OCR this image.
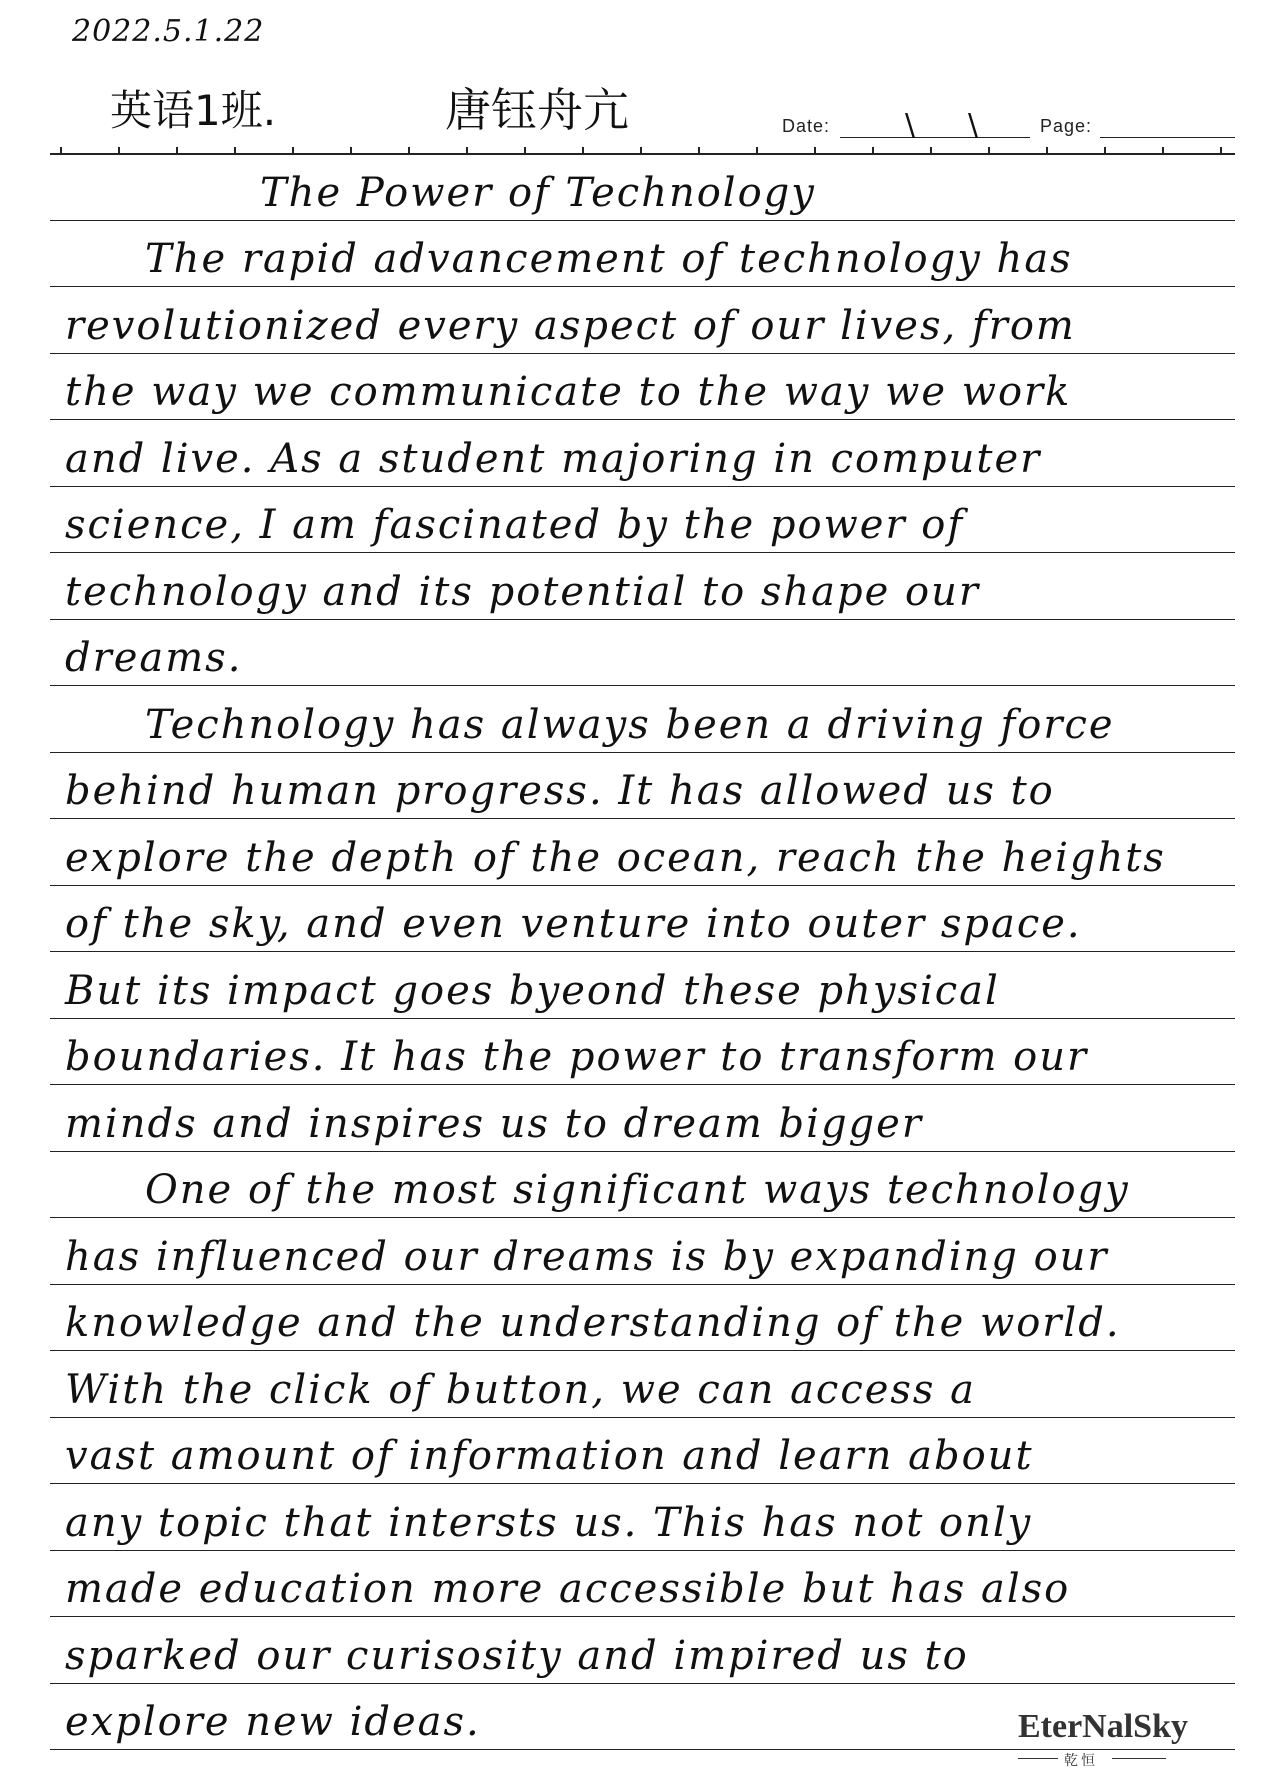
2022.5.1.22
英语1班.	唐钰舟亢	Date: \ \	Page:
The Power of Technology
The rapid advancement of technology has
revolutionized every aspect of our lives, from
the way we communicate to the way we work
and live. As a student majoring in computer
science, I am fascinated by the power of
technology and its potential to shape our
dreams.
Technology has always been a driving force
behind human progress. It has allowed us to
explore the depth of the ocean, reach the heights
of the sky, and even venture into outer space.
But its impact goes byeond these physical
boundaries. It has the power to transform our
minds and inspires us to dream bigger
One of the most significant ways technology
has influenced our dreams is by expanding our
knowledge and the understanding of the world.
With the click of button, we can access a
vast amount of information and learn about
any topic that intersts us. This has not only
made education more accessible but has also
sparked our curisosity and impired us to
explore new ideas.	EterNalSky
乾恒
